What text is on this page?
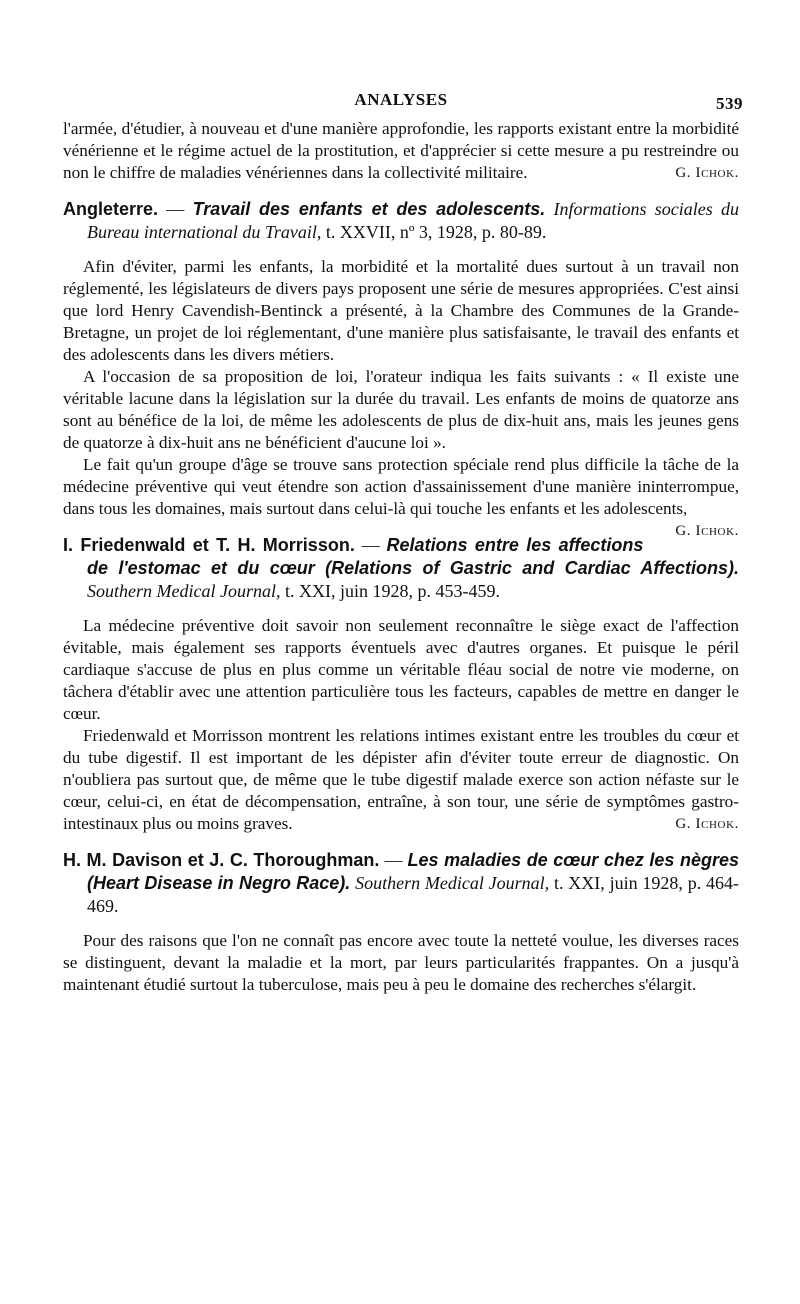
ANALYSES	539

l'armée, d'étudier, à nouveau et d'une manière approfondie, les rapports existant entre la morbidité vénérienne et le régime actuel de la prostitution, et d'apprécier si cette mesure a pu restreindre ou non le chiffre de maladies vénériennes dans la collectivité militaire.	G. Ichok.

Angleterre. — Travail des enfants et des adolescents. Informations sociales du Bureau international du Travail, t. XXVII, nº 3, 1928, p. 80-89.

Afin d'éviter, parmi les enfants, la morbidité et la mortalité dues surtout à un travail non réglementé, les législateurs de divers pays proposent une série de mesures appropriées. C'est ainsi que lord Henry Cavendish-Bentinck a présenté, à la Chambre des Communes de la Grande-Bretagne, un projet de loi réglementant, d'une manière plus satisfaisante, le travail des enfants et des adolescents dans les divers métiers.

A l'occasion de sa proposition de loi, l'orateur indiqua les faits suivants : « Il existe une véritable lacune dans la législation sur la durée du travail. Les enfants de moins de quatorze ans sont au bénéfice de la loi, de même les adolescents de plus de dix-huit ans, mais les jeunes gens de quatorze à dix-huit ans ne bénéficient d'aucune loi ».

Le fait qu'un groupe d'âge se trouve sans protection spéciale rend plus difficile la tâche de la médecine préventive qui veut étendre son action d'assainissement d'une manière ininterrompue, dans tous les domaines, mais surtout dans celui-là qui touche les enfants et les adolescents,
G. Ichok.

I. Friedenwald et T. H. Morrisson. — Relations entre les affections de l'estomac et du cœur (Relations of Gastric and Cardiac Affections). Southern Medical Journal, t. XXI, juin 1928, p. 453-459.

La médecine préventive doit savoir non seulement reconnaître le siège exact de l'affection évitable, mais également ses rapports éventuels avec d'autres organes. Et puisque le péril cardiaque s'accuse de plus en plus comme un véritable fléau social de notre vie moderne, on tâchera d'établir avec une attention particulière tous les facteurs, capables de mettre en danger le cœur.

Friedenwald et Morrisson montrent les relations intimes existant entre les troubles du cœur et du tube digestif. Il est important de les dépister afin d'éviter toute erreur de diagnostic. On n'oubliera pas surtout que, de même que le tube digestif malade exerce son action néfaste sur le cœur, celui-ci, en état de décompensation, entraîne, à son tour, une série de symptômes gastro-intestinaux plus ou moins graves.	G. Ichok.

H. M. Davison et J. C. Thoroughman. — Les maladies de cœur chez les nègres (Heart Disease in Negro Race). Southern Medical Journal, t. XXI, juin 1928, p. 464-469.

Pour des raisons que l'on ne connaît pas encore avec toute la netteté voulue, les diverses races se distinguent, devant la maladie et la mort, par leurs particularités frappantes. On a jusqu'à maintenant étudié surtout la tuberculose, mais peu à peu le domaine des recherches s'élargit.
